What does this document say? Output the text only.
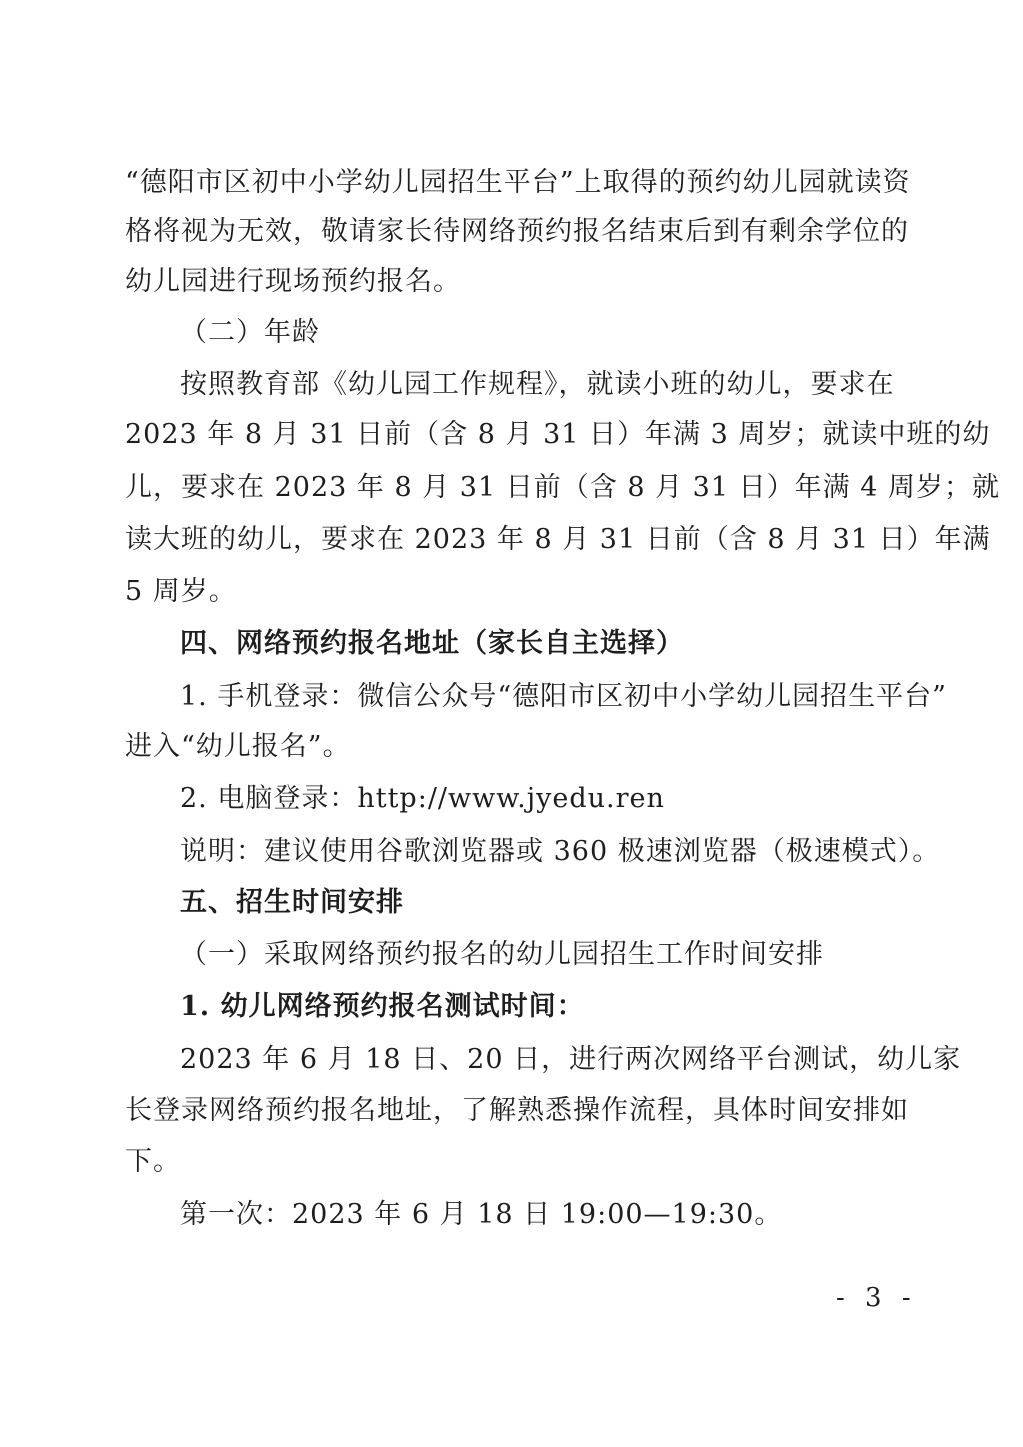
“德阳市区初中小学幼儿园招生平台”上取得的预约幼儿园就读资
格将视为无效，敬请家长待网络预约报名结束后到有剩余学位的
幼儿园进行现场预约报名。
（二）年龄
按照教育部《幼儿园工作规程》，就读小班的幼儿，要求在
2023 年 8 月 31 日前（含 8 月 31 日）年满 3 周岁；就读中班的幼
儿，要求在 2023 年 8 月 31 日前（含 8 月 31 日）年满 4 周岁；就
读大班的幼儿，要求在 2023 年 8 月 31 日前（含 8 月 31 日）年满
5 周岁。
四、网络预约报名地址（家长自主选择）
1. 手机登录：微信公众号“德阳市区初中小学幼儿园招生平台”
进入“幼儿报名”。
2. 电脑登录：http://www.jyedu.ren
说明：建议使用谷歌浏览器或 360 极速浏览器（极速模式）。
五、招生时间安排
（一）采取网络预约报名的幼儿园招生工作时间安排
1. 幼儿网络预约报名测试时间：
2023 年 6 月 18 日、20 日，进行两次网络平台测试，幼儿家
长登录网络预约报名地址，了解熟悉操作流程，具体时间安排如
下。
第一次：2023 年 6 月 18 日 19:00—19:30。
- 3 -
